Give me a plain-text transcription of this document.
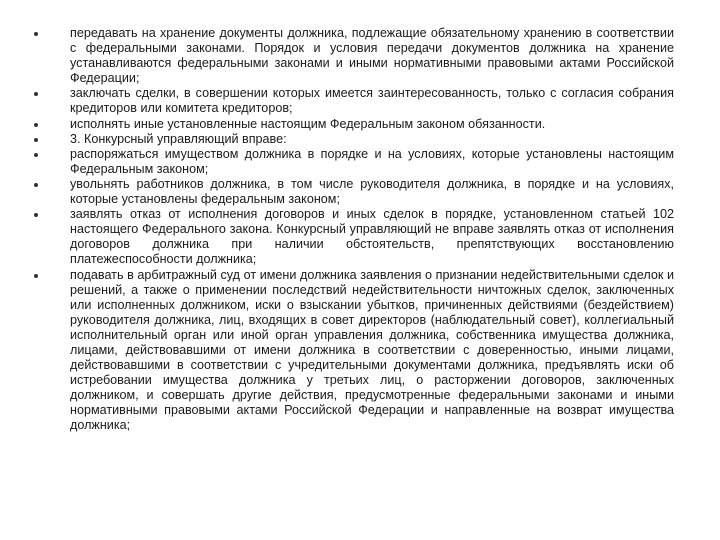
передавать на хранение документы должника, подлежащие обязательному хранению в соответствии с федеральными законами. Порядок и условия передачи документов должника на хранение устанавливаются федеральными законами и иными нормативными правовыми актами Российской Федерации;
заключать сделки, в совершении которых имеется заинтересованность, только с согласия собрания кредиторов или комитета кредиторов;
исполнять иные установленные настоящим Федеральным законом обязанности.
3. Конкурсный управляющий вправе:
распоряжаться имуществом должника в порядке и на условиях, которые установлены настоящим Федеральным законом;
увольнять работников должника, в том числе руководителя должника, в порядке и на условиях, которые установлены федеральным законом;
заявлять отказ от исполнения договоров и иных сделок в порядке, установленном статьей 102 настоящего Федерального закона. Конкурсный управляющий не вправе заявлять отказ от исполнения договоров должника при наличии обстоятельств, препятствующих восстановлению платежеспособности должника;
подавать в арбитражный суд от имени должника заявления о признании недействительными сделок и решений, а также о применении последствий недействительности ничтожных сделок, заключенных или исполненных должником, иски о взыскании убытков, причиненных действиями (бездействием) руководителя должника, лиц, входящих в совет директоров (наблюдательный совет), коллегиальный исполнительный орган или иной орган управления должника, собственника имущества должника, лицами, действовавшими от имени должника в соответствии с доверенностью, иными лицами, действовавшими в соответствии с учредительными документами должника, предъявлять иски об истребовании имущества должника у третьих лиц, о расторжении договоров, заключенных должником, и совершать другие действия, предусмотренные федеральными законами и иными нормативными правовыми актами Российской Федерации и направленные на возврат имущества должника;
